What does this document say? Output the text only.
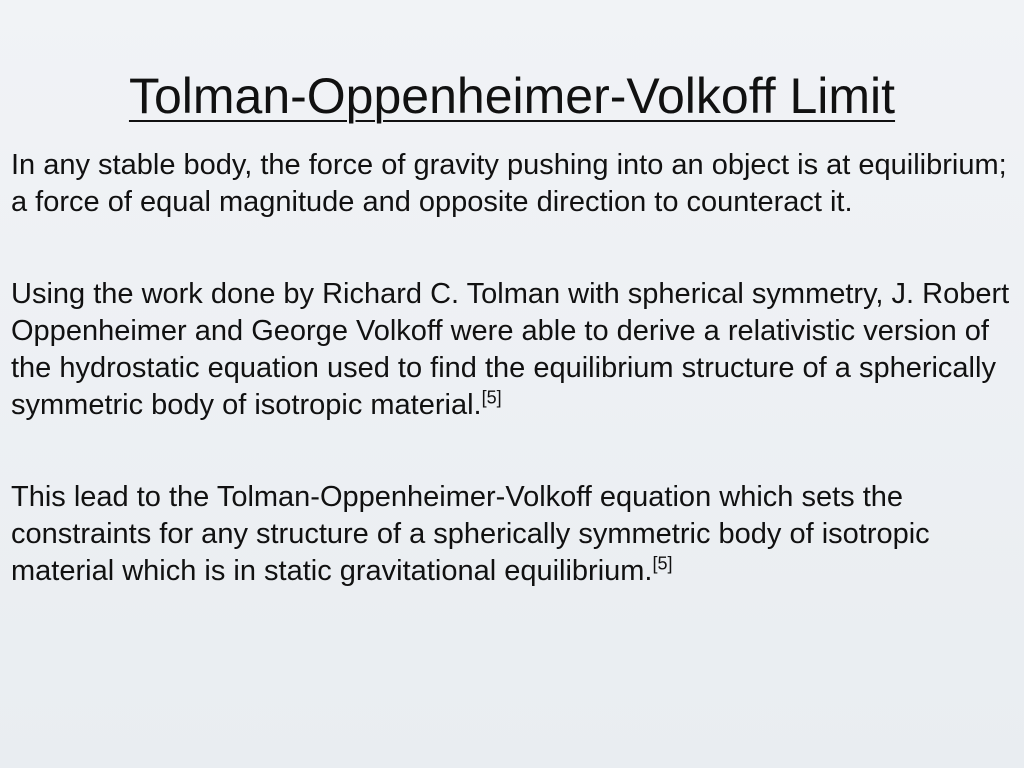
Tolman-Oppenheimer-Volkoff Limit

In any stable body, the force of gravity pushing into an object is at equilibrium; a force of equal magnitude and opposite direction to counteract it.

Using the work done by Richard C. Tolman with spherical symmetry, J. Robert Oppenheimer and George Volkoff were able to derive a relativistic version of the hydrostatic equation used to find the equilibrium structure of a spherically symmetric body of isotropic material.[5]

This lead to the Tolman-Oppenheimer-Volkoff equation which sets the constraints for any structure of a spherically symmetric body of isotropic material which is in static gravitational equilibrium.[5]
